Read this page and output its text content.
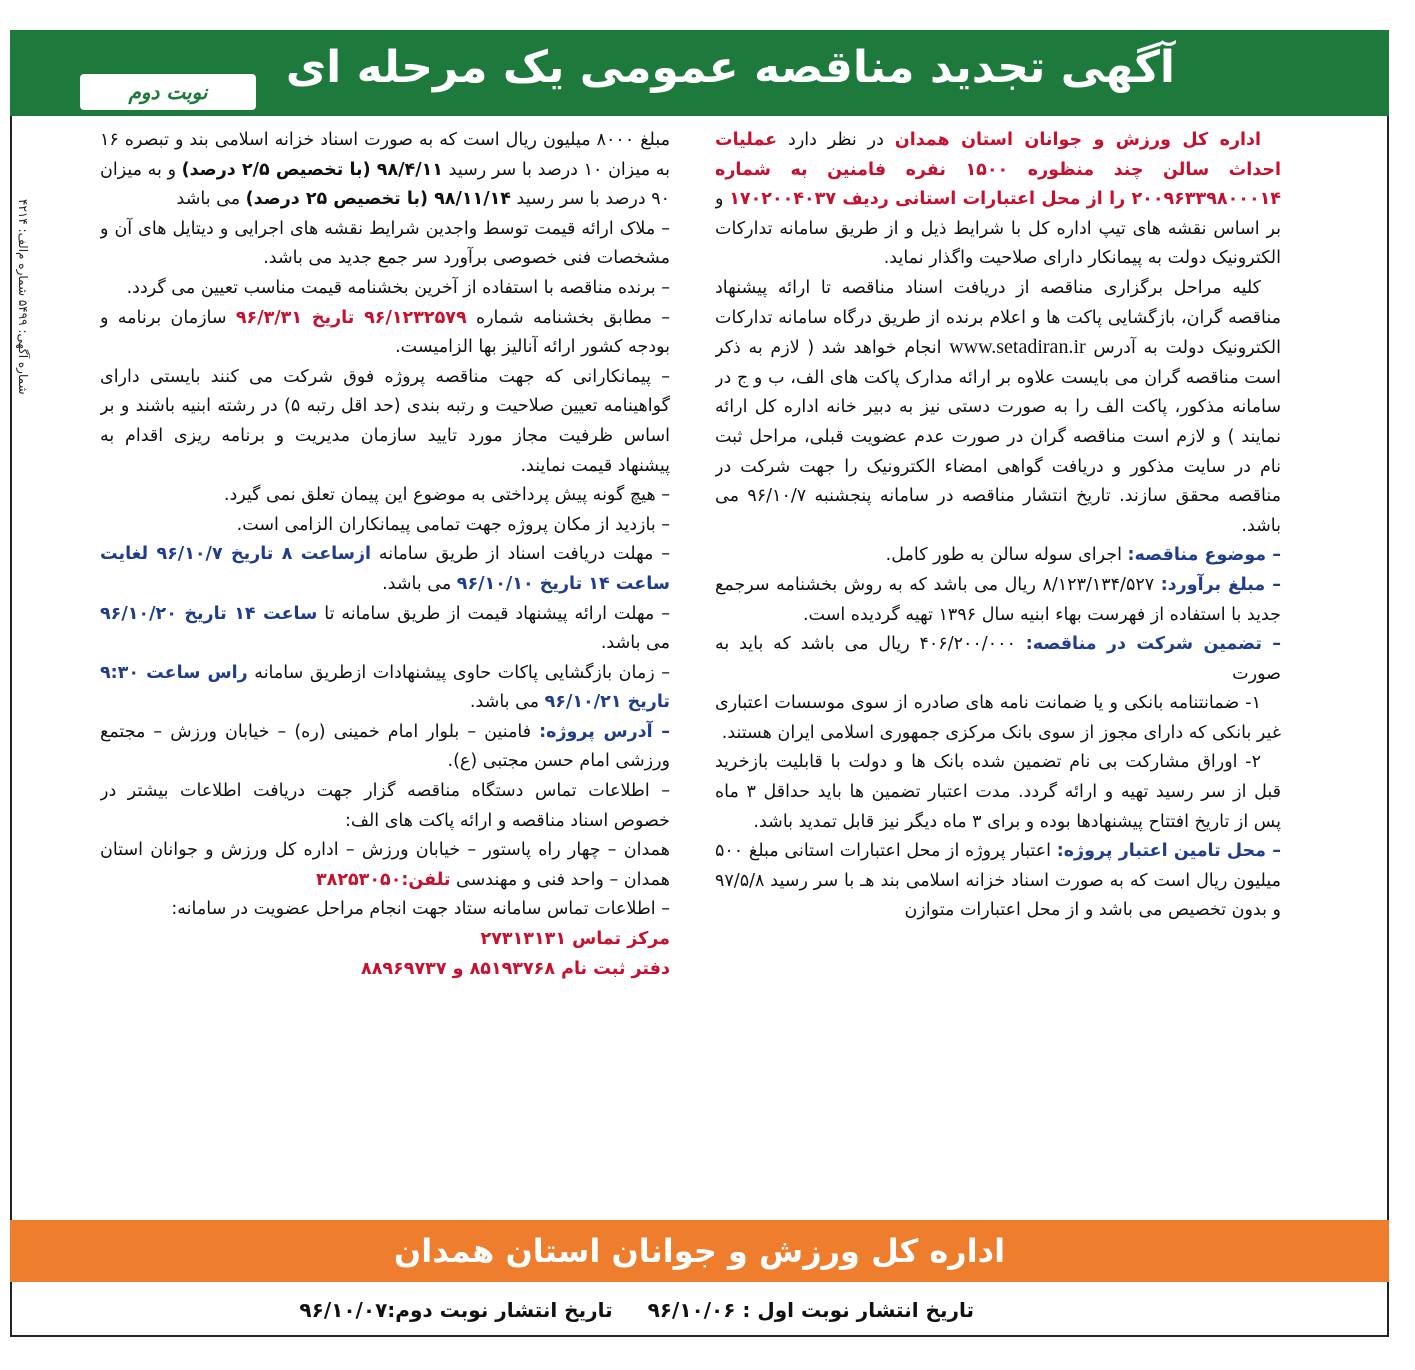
آگهی تجدید مناقصه عمومی یک مرحله ای
نوبت دوم
شماره آگهی: ۵۴۹۹ شماره م‌الف: ۴۲۱۴

اداره کل ورزش و جوانان استان همدان در نظر دارد عملیات احداث سالن چند منظوره ۱۵۰۰ نفره فامنین به شماره ۲۰۰۹۶۳۳۹۸۰۰۰۱۴ را از محل اعتبارات استانی ردیف ۱۷۰۲۰۰۴۰۳۷ و بر اساس نقشه های تیپ اداره کل با شرایط ذیل و از طریق سامانه تدارکات الکترونیک دولت به پیمانکار دارای صلاحیت واگذار نماید.

کلیه مراحل برگزاری مناقصه از دریافت اسناد مناقصه تا ارائه پیشنهاد مناقصه گران، بازگشایی پاکت ها و اعلام برنده از طریق درگاه سامانه تدارکات الکترونیک دولت به آدرس www.setadiran.ir انجام خواهد شد ( لازم به ذکر است مناقصه گران می بایست علاوه بر ارائه مدارک پاکت های الف، ب و ج در سامانه مذکور، پاکت الف را به صورت دستی نیز به دبیر خانه اداره کل ارائه نمایند ) و لازم است مناقصه گران در صورت عدم عضویت قبلی، مراحل ثبت نام در سایت مذکور و دریافت گواهی امضاء الکترونیک را جهت شرکت در مناقصه محقق سازند. تاریخ انتشار مناقصه در سامانه پنجشنبه ۹۶/۱۰/۷ می باشد.

– موضوع مناقصه: اجرای سوله سالن به طور کامل.

– مبلغ برآورد: ۸/۱۲۳/۱۳۴/۵۲۷ ریال می باشد که به روش بخشنامه سرجمع جدید با استفاده از فهرست بهاء ابنیه سال ۱۳۹۶ تهیه گردیده است.

– تضمین شرکت در مناقصه: ۴۰۶/۲۰۰/۰۰۰ ریال می باشد که باید به صورت

۱- ضمانتنامه بانکی و یا ضمانت نامه های صادره از سوی موسسات اعتباری غیر بانکی که دارای مجوز از سوی بانک مرکزی جمهوری اسلامی ایران هستند.

۲- اوراق مشارکت بی نام تضمین شده بانک ها و دولت با قابلیت بازخرید قبل از سر رسید تهیه و ارائه گردد. مدت اعتبار تضمین ها باید حداقل ۳ ماه پس از تاریخ افتتاح پیشنهادها بوده و برای ۳ ماه دیگر نیز قابل تمدید باشد.

– محل تامین اعتبار پروژه: اعتبار پروژه از محل اعتبارات استانی مبلغ ۵۰۰ میلیون ریال است که به صورت اسناد خزانه اسلامی بند هـ با سر رسید ۹۷/۵/۸ و بدون تخصیص می باشد و از محل اعتبارات متوازن

مبلغ ۸۰۰۰ میلیون ریال است که به صورت اسناد خزانه اسلامی بند و تبصره ۱۶ به میزان ۱۰ درصد با سر رسید ۹۸/۴/۱۱ (با تخصیص ۲/۵ درصد) و به میزان ۹۰ درصد با سر رسید ۹۸/۱۱/۱۴ (با تخصیص ۲۵ درصد) می باشد

– ملاک ارائه قیمت توسط واجدین شرایط نقشه های اجرایی و دیتایل های آن و مشخصات فنی خصوصی برآورد سر جمع جدید می باشد.

– برنده مناقصه با استفاده از آخرین بخشنامه قیمت مناسب تعیین می گردد.

– مطابق بخشنامه شماره ۹۶/۱۲۳۲۵۷۹ تاریخ ۹۶/۳/۳۱ سازمان برنامه و بودجه کشور ارائه آنالیز بها الزامیست.

– پیمانکارانی که جهت مناقصه پروژه فوق شرکت می کنند بایستی دارای گواهینامه تعیین صلاحیت و رتبه بندی (حد اقل رتبه ۵) در رشته ابنیه باشند و بر اساس ظرفیت مجاز مورد تایید سازمان مدیریت و برنامه ریزی اقدام به پیشنهاد قیمت نمایند.

– هیچ گونه پیش پرداختی به موضوع این پیمان تعلق نمی گیرد.

– بازدید از مکان پروژه جهت تمامی پیمانکاران الزامی است.

– مهلت دریافت اسناد از طریق سامانه ازساعت ۸ تاریخ ۹۶/۱۰/۷ لغایت ساعت ۱۴ تاریخ ۹۶/۱۰/۱۰ می باشد.

– مهلت ارائه پیشنهاد قیمت از طریق سامانه تا ساعت ۱۴ تاریخ ۹۶/۱۰/۲۰ می باشد.

– زمان بازگشایی پاکات حاوی پیشنهادات ازطریق سامانه راس ساعت ۹:۳۰ تاریخ ۹۶/۱۰/۲۱ می باشد.

– آدرس پروژه: فامنین – بلوار امام خمینی (ره) – خیابان ورزش – مجتمع ورزشی امام حسن مجتبی (ع).

– اطلاعات تماس دستگاه مناقصه گزار جهت دریافت اطلاعات بیشتر در خصوص اسناد مناقصه و ارائه پاکت های الف:

همدان – چهار راه پاستور – خیابان ورزش – اداره کل ورزش و جوانان استان همدان – واحد فنی و مهندسی تلفن:۳۸۲۵۳۰۵۰

– اطلاعات تماس سامانه ستاد جهت انجام مراحل عضویت در سامانه:

مرکز تماس ۲۷۳۱۳۱۳۱

دفتر ثبت نام ۸۵۱۹۳۷۶۸ و ۸۸۹۶۹۷۳۷

اداره کل ورزش و جوانان استان همدان
تاریخ انتشار نوبت اول : ۹۶/۱۰/۰۶ تاریخ انتشار نوبت دوم:۹۶/۱۰/۰۷
